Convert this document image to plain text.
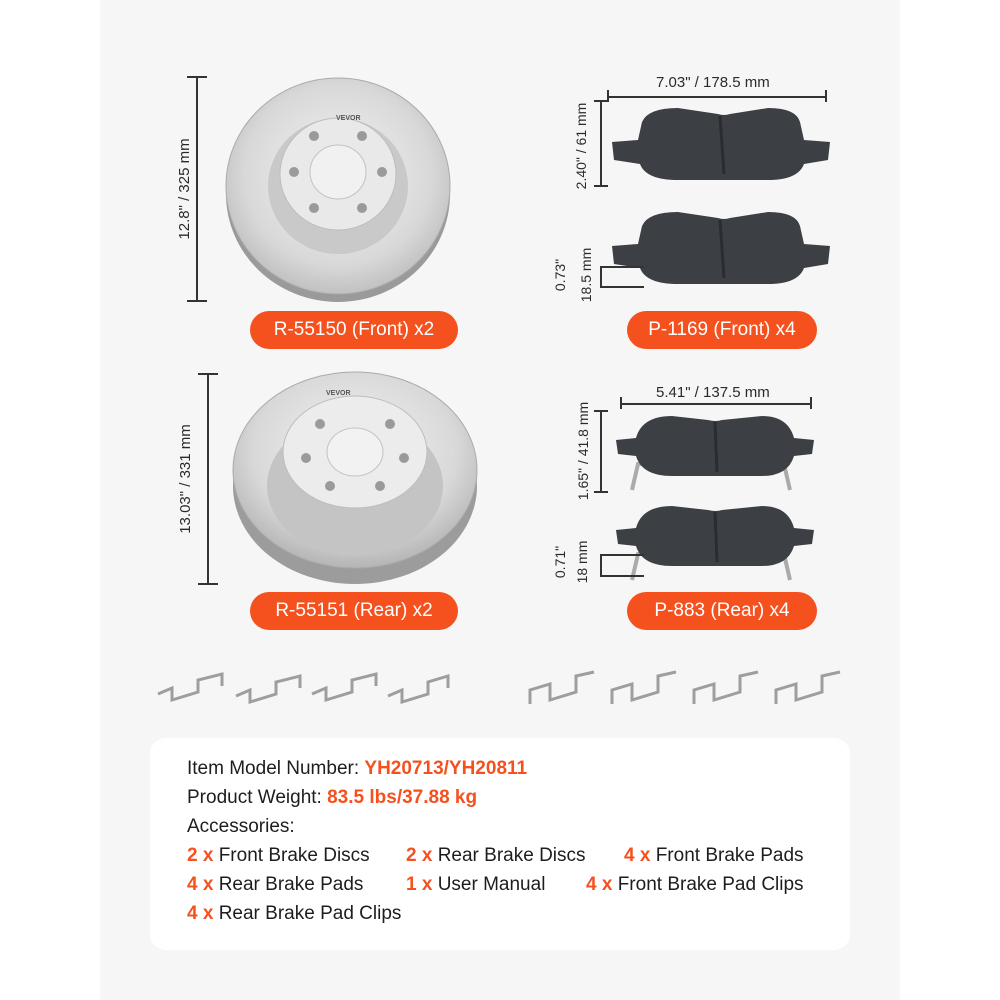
12.8" / 325 mm
VEVOR
R-55150 (Front) x2
13.03" / 331 mm
VEVOR
R-55151 (Rear) x2
7.03" / 178.5 mm
2.40" / 61 mm
0.73" 18.5 mm
P-1169 (Front) x4
5.41" / 137.5 mm
1.65" / 41.8 mm
0.71" 18 mm
P-883 (Rear) x4
Item Model Number: YH20713/YH20811
Product Weight: 83.5 lbs/37.88 kg
Accessories:
2 x Front Brake Discs 2 x Rear Brake Discs 4 x Front Brake Pads
4 x Rear Brake Pads 1 x User Manual 4 x Front Brake Pad Clips
4 x Rear Brake Pad Clips
